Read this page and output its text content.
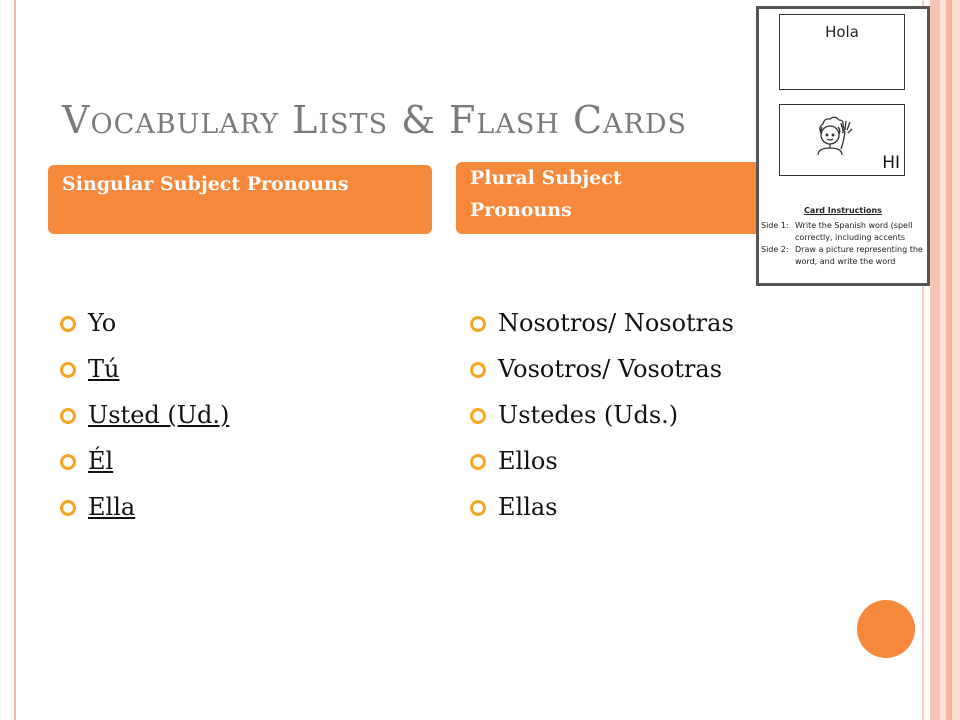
Vocabulary Lists & Flash Cards
Singular Subject Pronouns	Plural Subject
Pronouns
Yo
Tú
Usted (Ud.)
Él
Ella
Nosotros/ Nosotras
Vosotros/ Vosotras
Ustedes (Uds.)
Ellos
Ellas
Hola
HI
Card Instructions
Side 1: Write the Spanish word (spell correctly, including accents
Side 2: Draw a picture representing the word, and write the word
